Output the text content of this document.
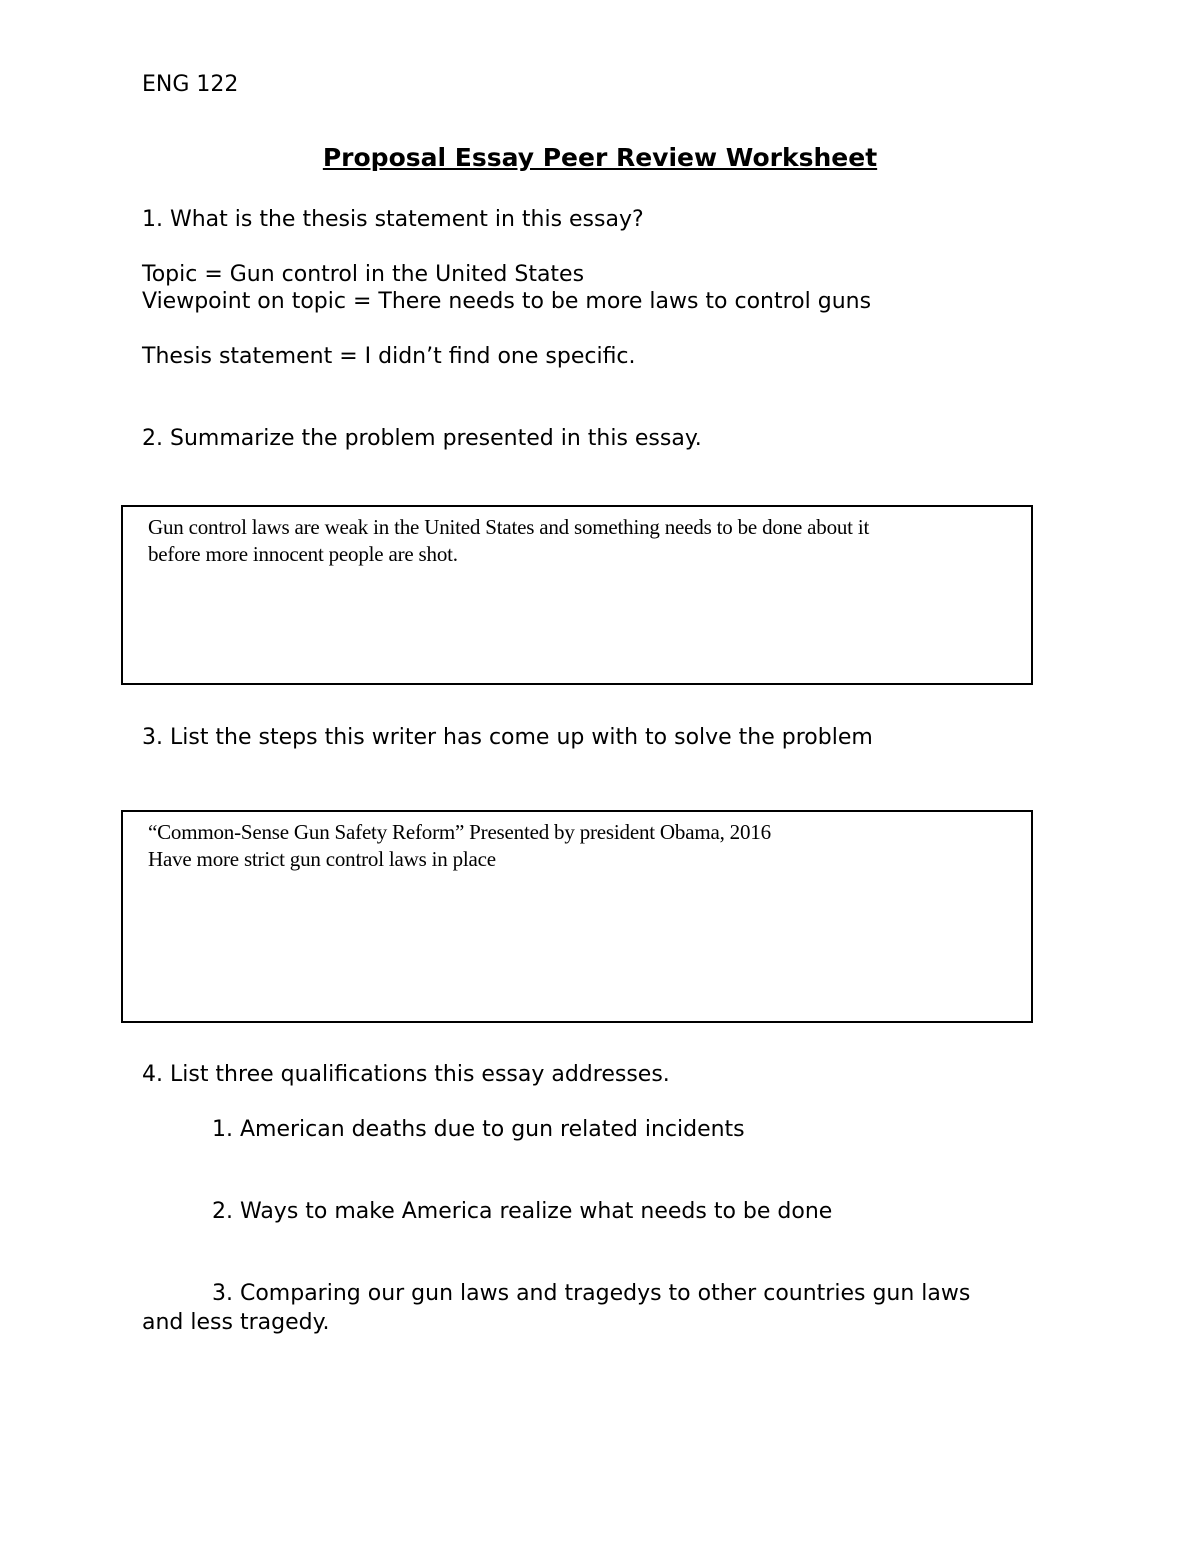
ENG 122

Proposal Essay Peer Review Worksheet

1. What is the thesis statement in this essay?

Topic = Gun control in the United States

Viewpoint on topic = There needs to be more laws to control guns

Thesis statement = I didn’t find one specific.

2. Summarize the problem presented in this essay.

Gun control laws are weak in the United States and something needs to be done about it

before more innocent people are shot.

3. List the steps this writer has come up with to solve the problem

“Common-Sense Gun Safety Reform” Presented by president Obama, 2016

Have more strict gun control laws in place

4. List three qualifications this essay addresses.

1. American deaths due to gun related incidents

2. Ways to make America realize what needs to be done

3. Comparing our gun laws and tragedys to other countries gun laws

and less tragedy.
